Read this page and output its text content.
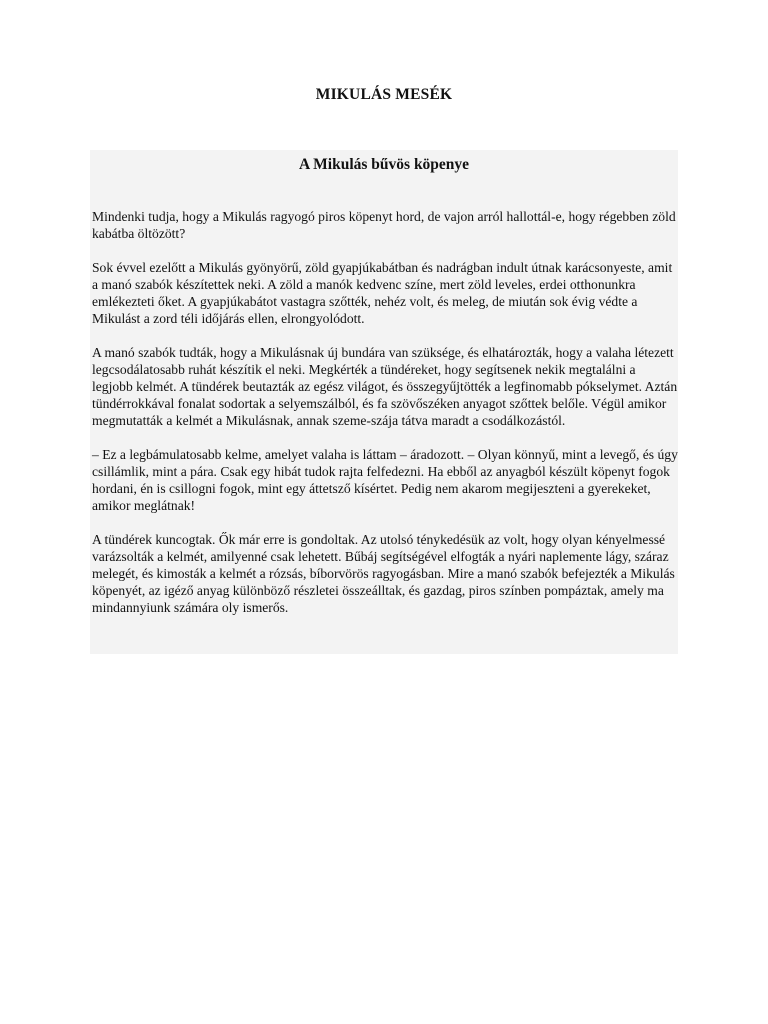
MIKULÁS MESÉK
A Mikulás bűvös köpenye

Mindenki tudja, hogy a Mikulás ragyogó piros köpenyt hord, de vajon arról hallottál-e, hogy régebben zöld kabátba öltözött?

Sok évvel ezelőtt a Mikulás gyönyörű, zöld gyapjúkabátban és nadrágban indult útnak karácsonyeste, amit a manó szabók készítettek neki. A zöld a manók kedvenc színe, mert zöld leveles, erdei otthonunkra emlékezteti őket. A gyapjúkabátot vastagra szőtték, nehéz volt, és meleg, de miután sok évig védte a Mikulást a zord téli időjárás ellen, elrongyolódott.

A manó szabók tudták, hogy a Mikulásnak új bundára van szüksége, és elhatározták, hogy a valaha létezett legcsodálatosabb ruhát készítik el neki. Megkérték a tündéreket, hogy segítsenek nekik megtalálni a legjobb kelmét. A tündérek beutazták az egész világot, és összegyűjtötték a legfinomabb pókselymet. Aztán tündérrokkával fonalat sodortak a selyemszálból, és fa szövőszéken anyagot szőttek belőle. Végül amikor megmutatták a kelmét a Mikulásnak, annak szeme-szája tátva maradt a csodálkozástól.

– Ez a legbámulatosabb kelme, amelyet valaha is láttam – áradozott. – Olyan könnyű, mint a levegő, és úgy csillámlik, mint a pára. Csak egy hibát tudok rajta felfedezni. Ha ebből az anyagból készült köpenyt fogok hordani, én is csillogni fogok, mint egy áttetsző kísértet. Pedig nem akarom megijeszteni a gyerekeket, amikor meglátnak!

A tündérek kuncogtak. Ők már erre is gondoltak. Az utolsó ténykedésük az volt, hogy olyan kényelmessé varázsolták a kelmét, amilyenné csak lehetett. Bűbáj segítségével elfogták a nyári naplemente lágy, száraz melegét, és kimosták a kelmét a rózsás, bíborvörös ragyogásban. Mire a manó szabók befejezték a Mikulás köpenyét, az igéző anyag különböző részletei összeálltak, és gazdag, piros színben pompáztak, amely ma mindannyiunk számára oly ismerős.
